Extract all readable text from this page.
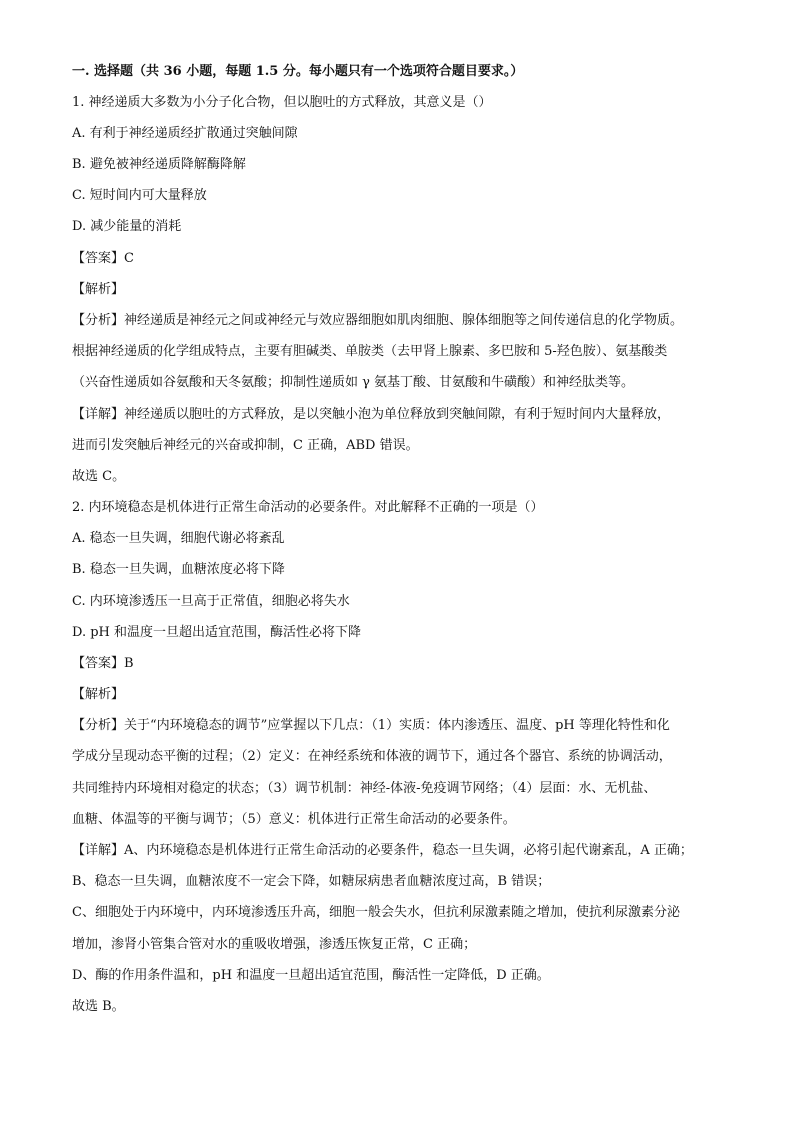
一. 选择题（共 36 小题，每题 1.5 分。每小题只有一个选项符合题目要求。）
1. 神经递质大多数为小分子化合物，但以胞吐的方式释放，其意义是（）
A. 有利于神经递质经扩散通过突触间隙
B. 避免被神经递质降解酶降解
C. 短时间内可大量释放
D. 减少能量的消耗
【答案】C
【解析】
【分析】神经递质是神经元之间或神经元与效应器细胞如肌肉细胞、腺体细胞等之间传递信息的化学物质。
根据神经递质的化学组成特点，主要有胆碱类、单胺类（去甲肾上腺素、多巴胺和 5-羟色胺）、氨基酸类
（兴奋性递质如谷氨酸和天冬氨酸；抑制性递质如 γ 氨基丁酸、甘氨酸和牛磺酸）和神经肽类等。
【详解】神经递质以胞吐的方式释放，是以突触小泡为单位释放到突触间隙，有利于短时间内大量释放，
进而引发突触后神经元的兴奋或抑制，C 正确，ABD 错误。
故选 C。
2. 内环境稳态是机体进行正常生命活动的必要条件。对此解释不正确的一项是（）
A. 稳态一旦失调，细胞代谢必将紊乱
B. 稳态一旦失调，血糖浓度必将下降
C. 内环境渗透压一旦高于正常值，细胞必将失水
D. pH 和温度一旦超出适宜范围，酶活性必将下降
【答案】B
【解析】
【分析】关于“内环境稳态的调节”应掌握以下几点：（1）实质：体内渗透压、温度、pH 等理化特性和化
学成分呈现动态平衡的过程；（2）定义：在神经系统和体液的调节下，通过各个器官、系统的协调活动，
共同维持内环境相对稳定的状态；（3）调节机制：神经-体液-免疫调节网络；（4）层面：水、无机盐、
血糖、体温等的平衡与调节；（5）意义：机体进行正常生命活动的必要条件。
【详解】A、内环境稳态是机体进行正常生命活动的必要条件，稳态一旦失调，必将引起代谢紊乱，A 正确；
B、稳态一旦失调，血糖浓度不一定会下降，如糖尿病患者血糖浓度过高，B 错误；
C、细胞处于内环境中，内环境渗透压升高，细胞一般会失水，但抗利尿激素随之增加，使抗利尿激素分泌
增加，渗肾小管集合管对水的重吸收增强，渗透压恢复正常，C 正确；
D、酶的作用条件温和，pH 和温度一旦超出适宜范围，酶活性一定降低，D 正确。
故选 B。
